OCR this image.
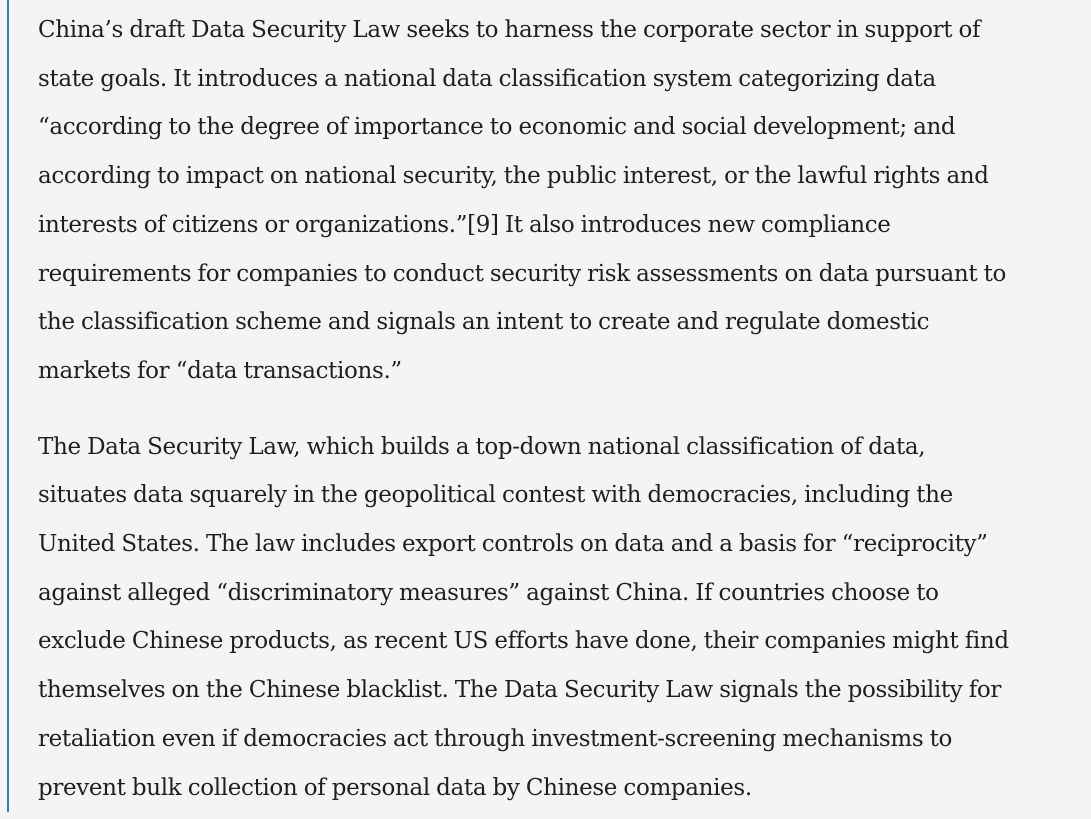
China’s draft Data Security Law seeks to harness the corporate sector in support of
state goals. It introduces a national data classification system categorizing data
“according to the degree of importance to economic and social development; and
according to impact on national security, the public interest, or the lawful rights and
interests of citizens or organizations.”[9] It also introduces new compliance
requirements for companies to conduct security risk assessments on data pursuant to
the classification scheme and signals an intent to create and regulate domestic
markets for “data transactions.”

The Data Security Law, which builds a top-down national classification of data,
situates data squarely in the geopolitical contest with democracies, including the
United States. The law includes export controls on data and a basis for “reciprocity”
against alleged “discriminatory measures” against China. If countries choose to
exclude Chinese products, as recent US efforts have done, their companies might find
themselves on the Chinese blacklist. The Data Security Law signals the possibility for
retaliation even if democracies act through investment-screening mechanisms to
prevent bulk collection of personal data by Chinese companies.
